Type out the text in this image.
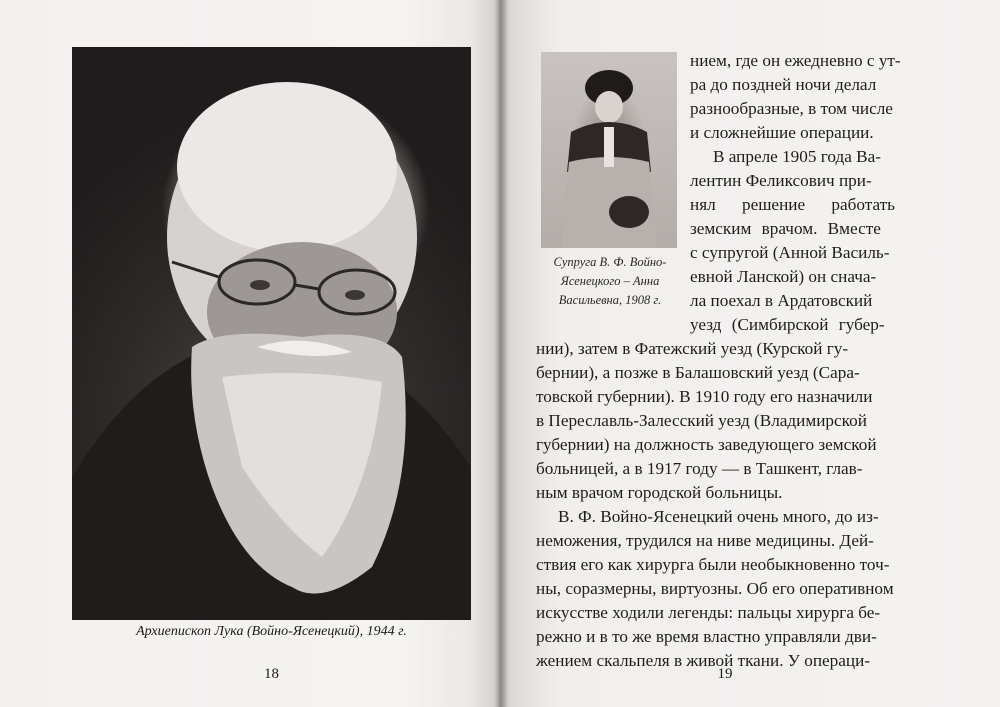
Архиепископ Лука (Войно-Ясенецкий), 1944 г.
18
Супруга В. Ф. Войно-
Ясенецкого – Анна
Васильевна, 1908 г.
нием, где он ежедневно с ут-
ра до поздней ночи делал
разнообразные, в том числе
и сложнейшие операции.
В апреле 1905 года Ва-
лентин Феликсович при-
нял решение работать
земским врачом. Вместе
с супругой (Анной Василь-
евной Ланской) он снача-
ла поехал в Ардатовский
уезд (Симбирской губер-
нии), затем в Фатежский уезд (Курской гу-
бернии), а позже в Балашовский уезд (Сара-
товской губернии). В 1910 году его назначили
в Переславль-Залесский уезд (Владимирской
губернии) на должность заведующего земской
больницей, а в 1917 году — в Ташкент, глав-
ным врачом городской больницы.
В. Ф. Войно-Ясенецкий очень много, до из-
неможения, трудился на ниве медицины. Дей-
ствия его как хирурга были необыкновенно точ-
ны, соразмерны, виртуозны. Об его оперативном
искусстве ходили легенды: пальцы хирурга бе-
режно и в то же время властно управляли дви-
жением скальпеля в живой ткани. У операци-
19
